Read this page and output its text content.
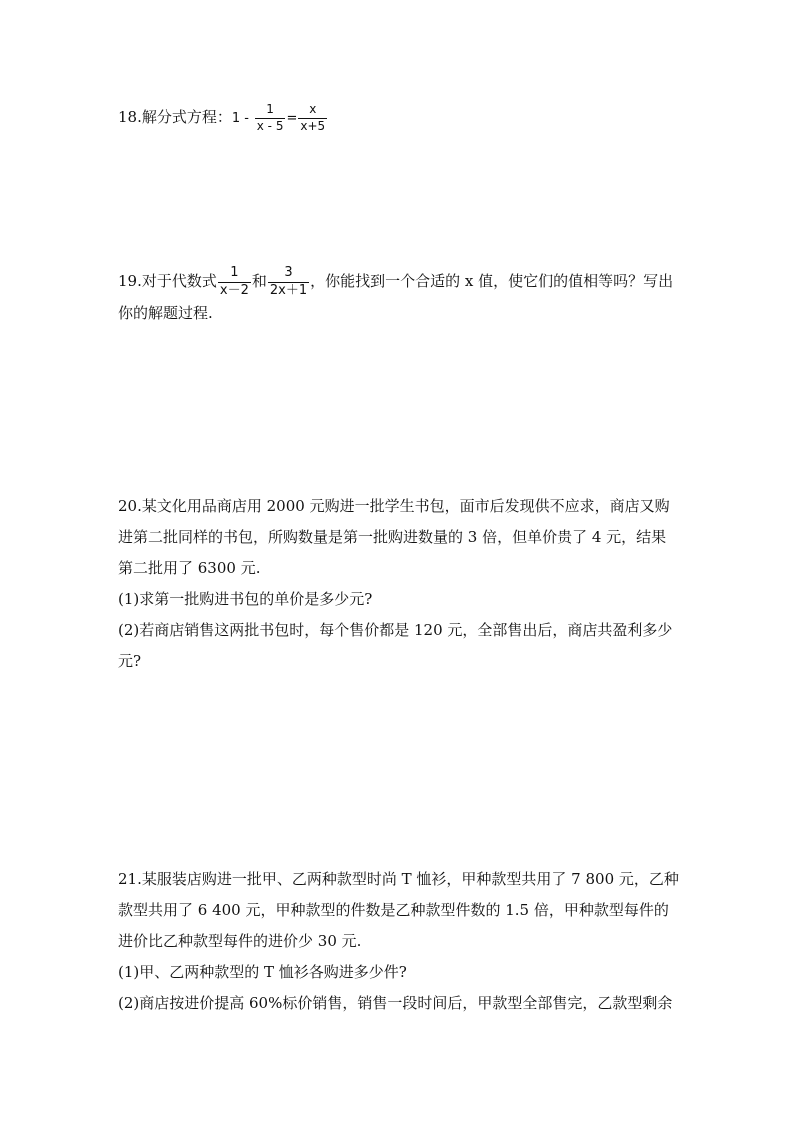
18.解分式方程：$1 - \frac{1}{x - 5} = \frac{x}{x+5}$
19.对于代数式 $\frac{1}{x-2}$ 和 $\frac{3}{2x+1}$ ，你能找到一个合适的 x 值，使它们的值相等吗？写出
你的解题过程.
20.某文化用品商店用 2000 元购进一批学生书包，面市后发现供不应求，商店又购
进第二批同样的书包，所购数量是第一批购进数量的 3 倍，但单价贵了 4 元，结果
第二批用了 6300 元.
(1)求第一批购进书包的单价是多少元?
(2)若商店销售这两批书包时，每个售价都是 120 元，全部售出后，商店共盈利多少
元?
21.某服装店购进一批甲、乙两种款型时尚 T 恤衫，甲种款型共用了 7 800 元，乙种
款型共用了 6 400 元，甲种款型的件数是乙种款型件数的 1.5 倍，甲种款型每件的
进价比乙种款型每件的进价少 30 元.
(1)甲、乙两种款型的 T 恤衫各购进多少件?
(2)商店按进价提高 60%标价销售，销售一段时间后，甲款型全部售完，乙款型剩余
